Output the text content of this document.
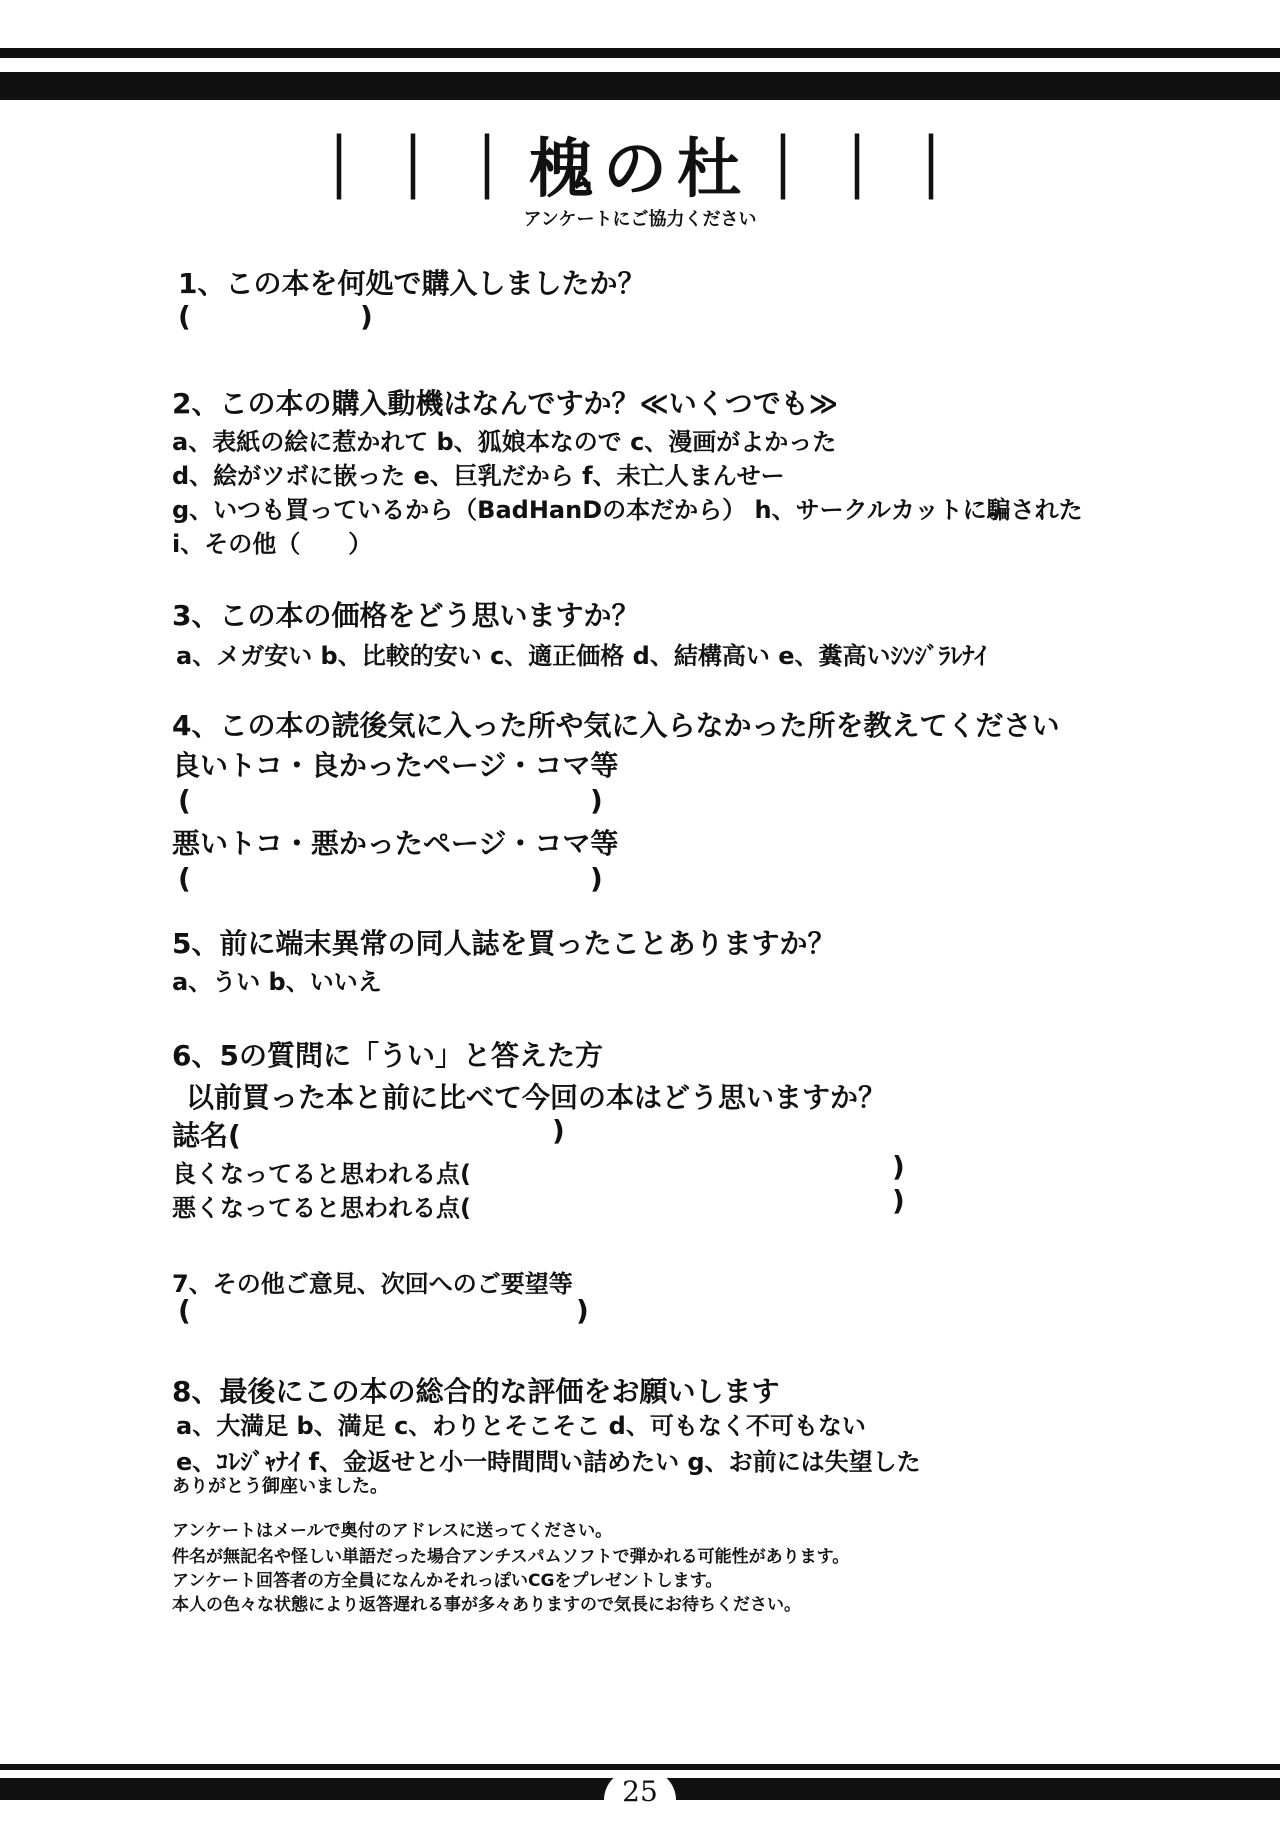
｜｜｜槐の杜｜｜｜
アンケートにご協力ください
1、この本を何処で購入しましたか？
(	)
2、この本の購入動機はなんですか？≪いくつでも≫
a、表紙の絵に惹かれて b、狐娘本なので c、漫画がよかった
d、絵がツボに嵌った e、巨乳だから f、未亡人まんせー
g、いつも買っているから（BadHanDの本だから） h、サークルカットに騙された
i、その他（　　）
3、この本の価格をどう思いますか？
a、メガ安い b、比較的安い c、適正価格 d、結構高い e、糞高いｼﾝｼﾞﾗﾚﾅｲ
4、この本の読後気に入った所や気に入らなかった所を教えてください
良いトコ・良かったページ・コマ等
(	)
悪いトコ・悪かったページ・コマ等
(	)
5、前に端末異常の同人誌を買ったことありますか？
a、うい b、いいえ
6、5の質問に「うい」と答えた方
以前買った本と前に比べて今回の本はどう思いますか？
誌名(	)
良くなってると思われる点(	)
悪くなってると思われる点(	)
7、その他ご意見、次回へのご要望等
(	)
8、最後にこの本の総合的な評価をお願いします
a、大満足 b、満足 c、わりとそこそこ d、可もなく不可もない
e、ｺﾚｼﾞｬﾅｲ f、金返せと小一時間問い詰めたい g、お前には失望した
ありがとう御座いました。
アンケートはメールで奥付のアドレスに送ってください。
件名が無記名や怪しい単語だった場合アンチスパムソフトで弾かれる可能性があります。
アンケート回答者の方全員になんかそれっぽいCGをプレゼントします。
本人の色々な状態により返答遅れる事が多々ありますので気長にお待ちください。
25
